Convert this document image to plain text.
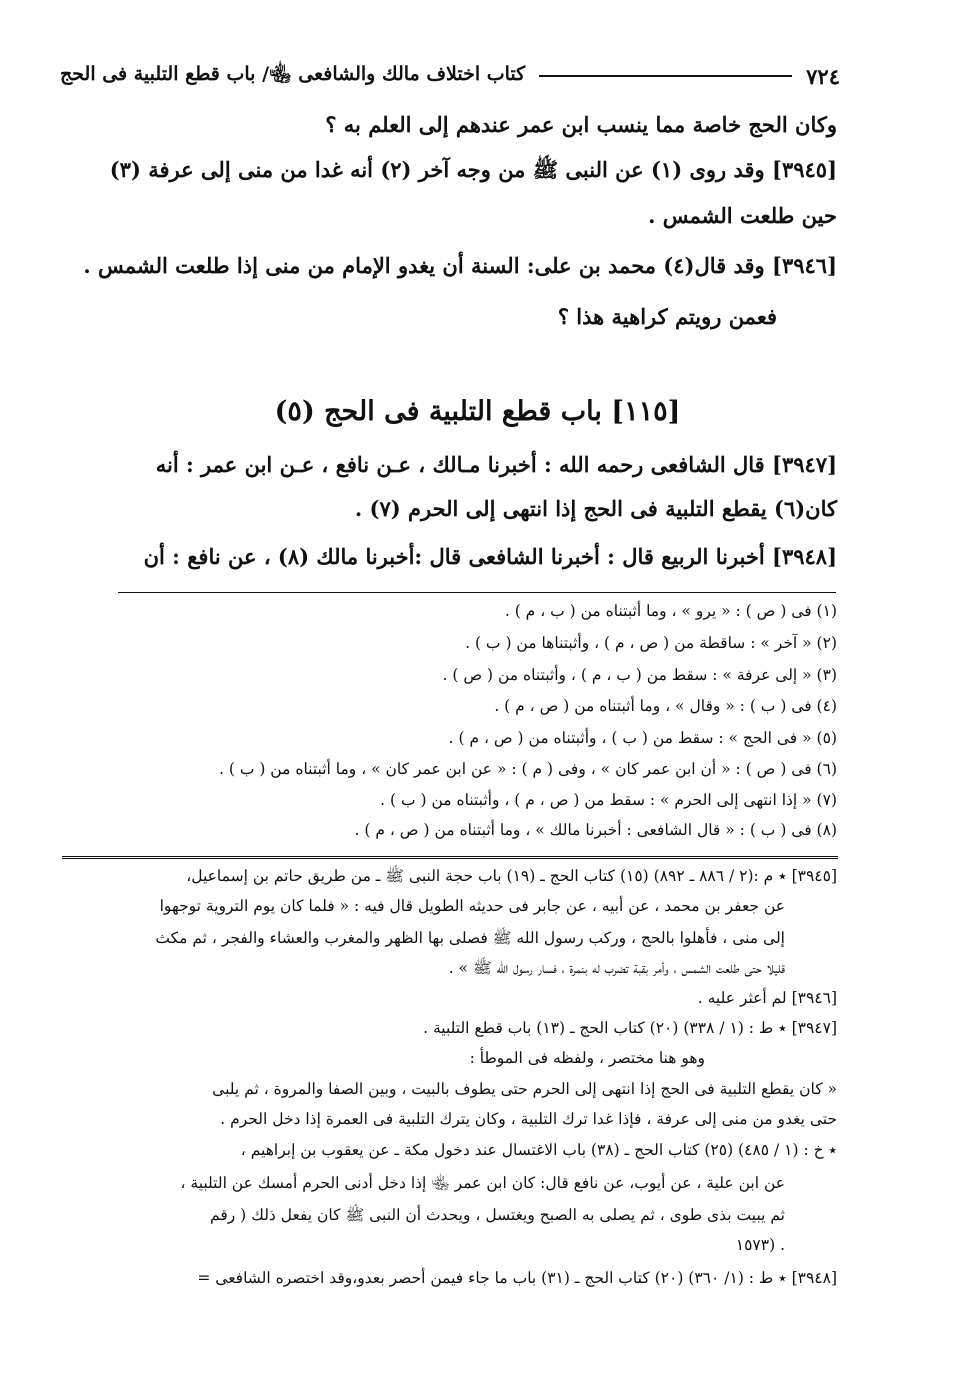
٧٢٤
كتاب اختلاف مالك والشافعى ﵄/ باب قطع التلبية فى الحج
وكان الحج خاصة مما ينسب ابن عمر عندهم إلى العلم به ؟
[٣٩٤٥] وقد روى (١) عن النبى ﷺ من وجه آخر (٢) أنه غدا من منى إلى عرفة (٣)
حين طلعت الشمس .
[٣٩٤٦] وقد قال(٤) محمد بن على: السنة أن يغدو الإمام من منى إذا طلعت الشمس .
فعمن رويتم كراهية هذا ؟
[١١٥] باب قطع التلبية فى الحج (٥)
[٣٩٤٧] قال الشافعى رحمه الله : أخبرنا مـالك ، عـن نافع ، عـن ابن عمر : أنه
كان(٦) يقطع التلبية فى الحج إذا انتهى إلى الحرم (٧) .
[٣٩٤٨] أخبرنا الربيع قال : أخبرنا الشافعى قال :أخبرنا مالك (٨) ، عن نافع : أن
(١) فى ( ص ) : « يرو » ، وما أثبتناه من ( ب ، م ) .
(٢) « آخر » : ساقطة من ( ص ، م ) ، وأثبتناها من ( ب ) .
(٣) « إلى عرفة » : سقط من ( ب ، م ) ، وأثبتناه من ( ص ) .
(٤) فى ( ب ) : « وقال » ، وما أثبتناه من ( ص ، م ) .
(٥) « فى الحج » : سقط من ( ب ) ، وأثبتناه من ( ص ، م ) .
(٦) فى ( ص ) : « أن ابن عمر كان » ، وفى ( م ) : « عن ابن عمر كان » ، وما أثبتناه من ( ب ) .
(٧) « إذا انتهى إلى الحرم » : سقط من ( ص ، م ) ، وأثبتناه من ( ب ) .
(٨) فى ( ب ) : « قال الشافعى : أخبرنا مالك » ، وما أثبتناه من ( ص ، م ) .
[٣٩٤٥] ٭ م :(٢ / ٨٨٦ ـ ٨٩٢) (١٥) كتاب الحج ـ (١٩) باب حجة النبى ﷺ ـ من طريق حاتم بن إسماعيل،
عن جعفر بن محمد ، عن أبيه ، عن جابر فى حديثه الطويل قال فيه : « فلما كان يوم التروية توجهوا
إلى منى ، فأهلوا بالحج ، وركب رسول الله ﷺ فصلى بها الظهر والمغرب والعشاء والفجر ، ثم مكث
قليلا حتى طلعت الشمس ، وأمر بقبة تضرب له بنمرة ، فسار رسول الله ﷺ » .
[٣٩٤٦] لم أعثر عليه .
[٣٩٤٧] ٭ ط : (١ / ٣٣٨) (٢٠) كتاب الحج ـ (١٣) باب قطع التلبية .
وهو هنا مختصر ، ولفظه فى الموطأ :
« كان يقطع التلبية فى الحج إذا انتهى إلى الحرم حتى يطوف بالبيت ، وبين الصفا والمروة ، ثم يلبى
حتى يغدو من منى إلى عرفة ، فإذا غدا ترك التلبية ، وكان يترك التلبية فى العمرة إذا دخل الحرم .
٭ خ : (١ / ٤٨٥) (٢٥) كتاب الحج ـ (٣٨) باب الاغتسال عند دخول مكة ـ عن يعقوب بن إبراهيم ،
عن ابن علية ، عن أيوب، عن نافع قال: كان ابن عمر ﵄ إذا دخل أدنى الحرم أمسك عن التلبية ،
ثم يبيت بذى طوى ، ثم يصلى به الصبح ويغتسل ، ويحدث أن النبى ﷺ كان يفعل ذلك ( رقم
١٥٧٣) .
[٣٩٤٨] ٭ ط : (١/ ٣٦٠) (٢٠) كتاب الحج ـ (٣١) باب ما جاء فيمن أحصر بعدو،وقد اختصره الشافعى =
